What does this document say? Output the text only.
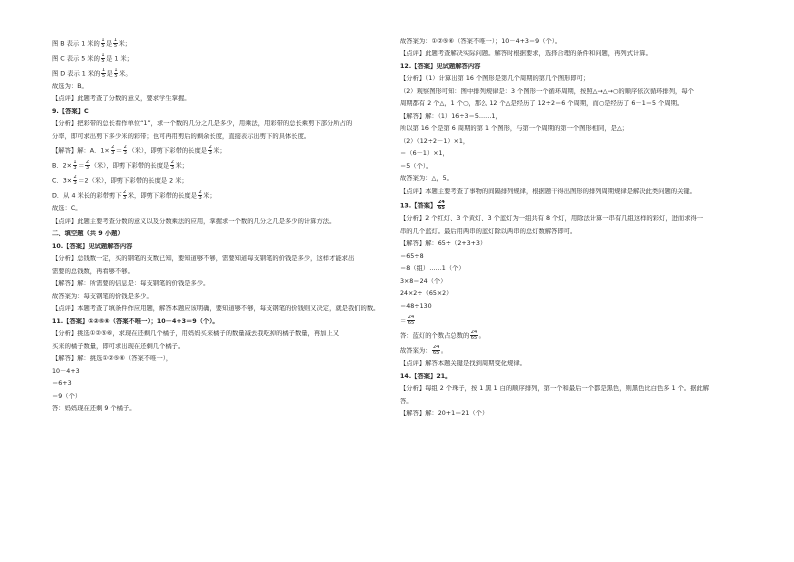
图 B 表示 1 米的 $\frac{1}{5}$ 是 $\frac{1}{5}$ 米；
图 C 表示 5 米的 $\frac{1}{5}$ 是 1 米；
图 D 表示 1 米的 $\frac{1}{5}$ 是 $\frac{1}{5}$ 米。
故选为：B。
【点评】此题考查了分数的意义，要求学生掌握。
9.【答案】C
【分析】把彩带的总长看作单位“1”，求一个数的几分之几是多少，用乘法，用彩带的总长乘剪下部分所占的
分率，即可求出剪下多少米的彩带；也可再用剪后的剩余长度，直接表示出剪下的具体长度。
【解答】解：A．$1\times \frac{2}{3} = \frac{2}{3}$ （米），即剪下彩带的长度是 $\frac{2}{3}$ 米；
B．$2\times \frac{1}{3} = \frac{2}{3}$ （米），即剪下彩带的长度是 $\frac{2}{3}$ 米；
C．$3\times \frac{2}{3} =2$（米），即剪下彩带的长度是 2 米；
D．从 4 米长的彩带剪下 $\frac{2}{3}$ 米，即剪下彩带的长度是 $\frac{2}{3}$ 米；
故选：C。
【点评】此题主要考查分数的意义以及分数乘法的应用，掌握求一个数的几分之几是多少的计算方法。
二、填空题（共 9 小题）
10.【答案】见试题解答内容
【分析】总钱数一定，买的钢笔的支数已知，要知道够不够，需要知道每支钢笔的价钱是多少，这样才能求出
需要的总钱数，再看够不够。
【解答】解：所需要的信息是：每支钢笔的价钱是多少。
故答案为：每支钢笔的价钱是多少。
【点评】本题考查了填条件作应用题，解答本题应该明确，要知道够不够，每支钢笔的价钱则又决定，就是我们的数。
11.【答案】①②⑤⑥（答案不唯一）；10－4+3＝9（个）。
【分析】挑选①②⑤⑥，求现在还剩几个橘子，用妈妈买来橘子的数量减去我吃掉的橘子数量，再加上又
买来的橘子数量，即可求出现在还剩几个橘子。
【解答】解：挑选①②⑤⑥（答案不唯一），
10－4+3
＝6+3
＝9（个）
答：妈妈现在还剩 9 个橘子。
故答案为：①②⑤⑥（答案不唯一）；10－4+3＝9（个）。
【点评】此题考查解决实际问题。解答时根据要求，选择合理的条件和问题，再列式计算。
12.【答案】见试题解答内容
【分析】（1）计算出第 16 个图形是第几个周期的第几个图形即可；
（2）观察图形可知：图中排列规律是：3 个图形一个循环周期，按照△→△→○的顺序依次循环排列，每个
周期都有 2 个△，1 个○，那么 12 个△是经历了 12÷2＝6 个周期，而○是经历了 6－1＝5 个周期。
【解答】解：（1）16÷3＝5……1，
所以第 16 个是第 6 周期的第 1 个图形，与第一个周期的第一个图形相同，是△；
（2）（12÷2－1）×1，
＝（6－1）×1，
＝5（个）。
故答案为：△，5。
【点评】本题主要考查了事物的间隔排列规律，根据题干得出图形的排列周期规律是解决此类问题的关键。
13.【答案】 $\frac{24}{65}$
【分析】2 个红灯、3 个黄灯、3 个蓝灯为一组共有 8 个灯，用除法计算一串有几组这样的彩灯，进而求得一
串的几个蓝灯。最后用两串的蓝灯除以两串的总灯数解答即可。
【解答】解：65÷（2+3+3）
＝65÷8
＝8（组）……1（个）
3×8＝24（个）
24×2÷（65×2）
＝48÷130
＝ $\frac{24}{65}$
答：蓝灯的个数占总数的 $\frac{24}{65}$ 。
故答案为： $\frac{24}{65}$ 。
【点评】解答本题关键是找到周期变化规律。
14.【答案】21。
【分析】每组 2 个珠子，按 1 黑 1 白的顺序排列，第一个和最后一个都是黑色，则黑色比白色多 1 个。据此解
答。
【解答】解：20+1＝21（个）
